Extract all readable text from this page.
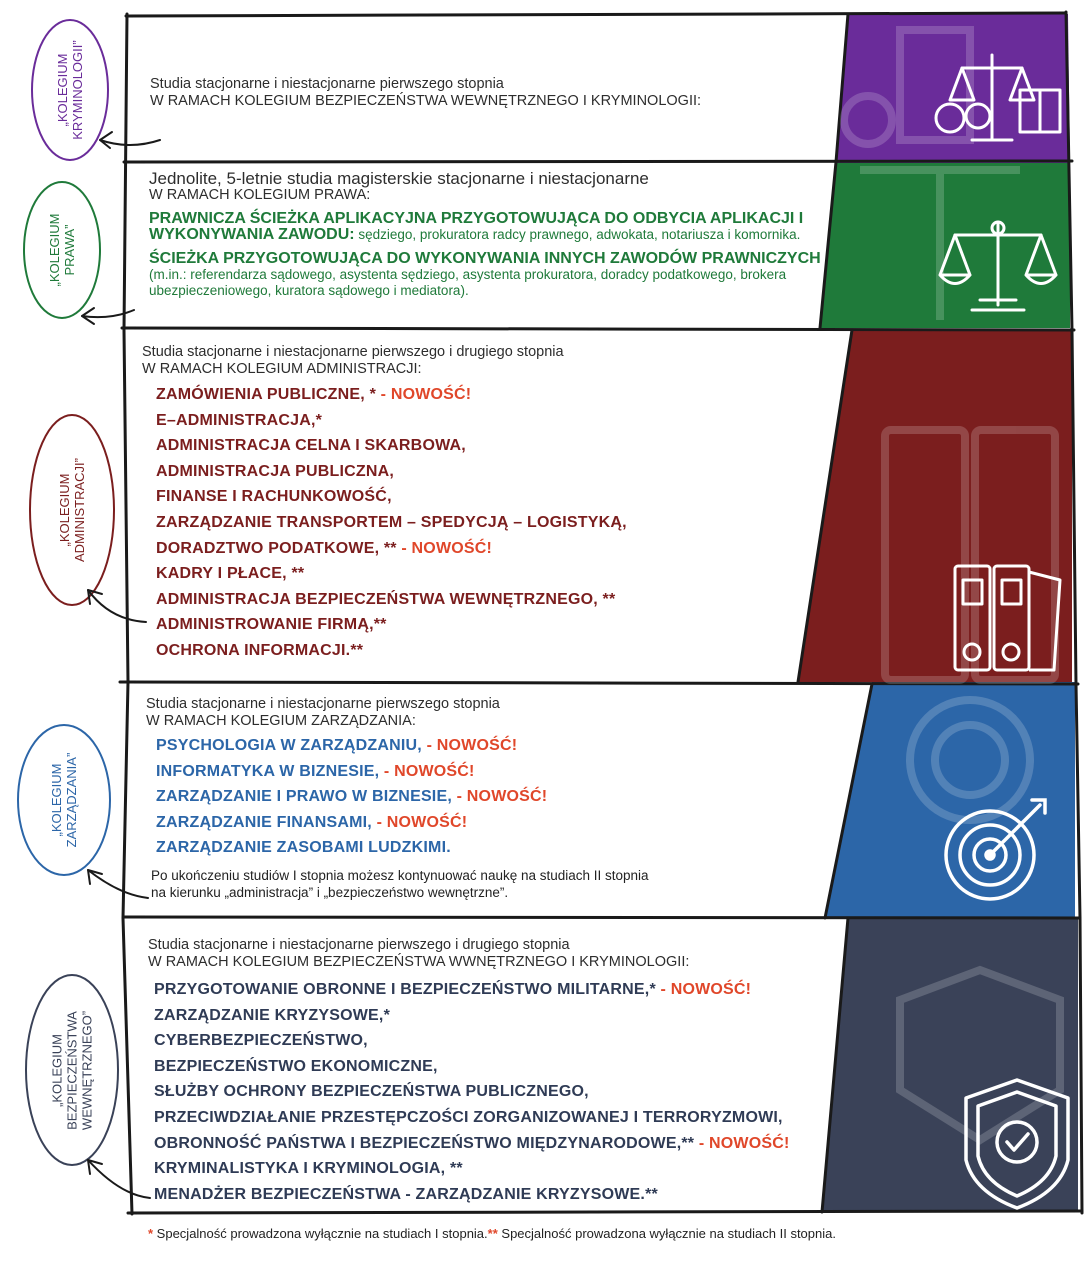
„KOLEGIUM KRYMINOLOGII”
„KOLEGIUM PRAWA”
„KOLEGIUM ADMINISTRACJI”
„KOLEGIUM ZARZĄDZANIA”
„KOLEGIUM BEZPIECZEŃSTWA WEWNĘTRZNEGO”
Studia stacjonarne i niestacjonarne pierwszego stopnia
W RAMACH KOLEGIUM BEZPIECZEŃSTWA WEWNĘTRZNEGO I KRYMINOLOGII:
Jednolite, 5-letnie studia magisterskie stacjonarne i niestacjonarne
W RAMACH KOLEGIUM PRAWA:
PRAWNICZA ŚCIEŻKA APLIKACYJNA PRZYGOTOWUJĄCA DO ODBYCIA APLIKACJI I WYKONYWANIA ZAWODU: sędziego, prokuratora radcy prawnego, adwokata, notariusza i komornika.
ŚCIEŻKA PRZYGOTOWUJĄCA DO WYKONYWANIA INNYCH ZAWODÓW PRAWNICZYCH (m.in.: referendarza sądowego, asystenta sędziego, asystenta prokuratora, doradcy podatkowego, brokera ubezpieczeniowego, kuratora sądowego i mediatora).
Studia stacjonarne i niestacjonarne pierwszego i drugiego stopnia
W RAMACH KOLEGIUM ADMINISTRACJI:
ZAMÓWIENIA PUBLICZNE, * - NOWOŚĆ!
E–ADMINISTRACJA,*
ADMINISTRACJA CELNA I SKARBOWA,
ADMINISTRACJA PUBLICZNA,
FINANSE I RACHUNKOWOŚĆ,
ZARZĄDZANIE TRANSPORTEM – SPEDYCJĄ – LOGISTYKĄ,
DORADZTWO PODATKOWE, ** - NOWOŚĆ!
KADRY I PŁACE, **
ADMINISTRACJA BEZPIECZEŃSTWA WEWNĘTRZNEGO, **
ADMINISTROWANIE FIRMĄ,**
OCHRONA INFORMACJI.**
Studia stacjonarne i niestacjonarne pierwszego stopnia
W RAMACH KOLEGIUM ZARZĄDZANIA:
PSYCHOLOGIA W ZARZĄDZANIU, - NOWOŚĆ!
INFORMATYKA W BIZNESIE, - NOWOŚĆ!
ZARZĄDZANIE I PRAWO W BIZNESIE, - NOWOŚĆ!
ZARZĄDZANIE FINANSAMI, - NOWOŚĆ!
ZARZĄDZANIE ZASOBAMI LUDZKIMI.
Po ukończeniu studiów I stopnia możesz kontynuować naukę na studiach II stopnia
na kierunku „administracja” i „bezpieczeństwo wewnętrzne”.
Studia stacjonarne i niestacjonarne pierwszego i drugiego stopnia
W RAMACH KOLEGIUM BEZPIECZEŃSTWA WWNĘTRZNEGO I KRYMINOLOGII:
PRZYGOTOWANIE OBRONNE I BEZPIECZEŃSTWO MILITARNE,* - NOWOŚĆ!
ZARZĄDZANIE KRYZYSOWE,*
CYBERBEZPIECZEŃSTWO,
BEZPIECZEŃSTWO EKONOMICZNE,
SŁUŻBY OCHRONY BEZPIECZEŃSTWA PUBLICZNEGO,
PRZECIWDZIAŁANIE PRZESTĘPCZOŚCI ZORGANIZOWANEJ I TERRORYZMOWI,
OBRONNOŚĆ PAŃSTWA I BEZPIECZEŃSTWO MIĘDZYNARODOWE,** - NOWOŚĆ!
KRYMINALISTYKA I KRYMINOLOGIA, **
MENADŻER BEZPIECZEŃSTWA - ZARZĄDZANIE KRYZYSOWE.**
* Specjalność prowadzona wyłącznie na studiach I stopnia.** Specjalność prowadzona wyłącznie na studiach II stopnia.
